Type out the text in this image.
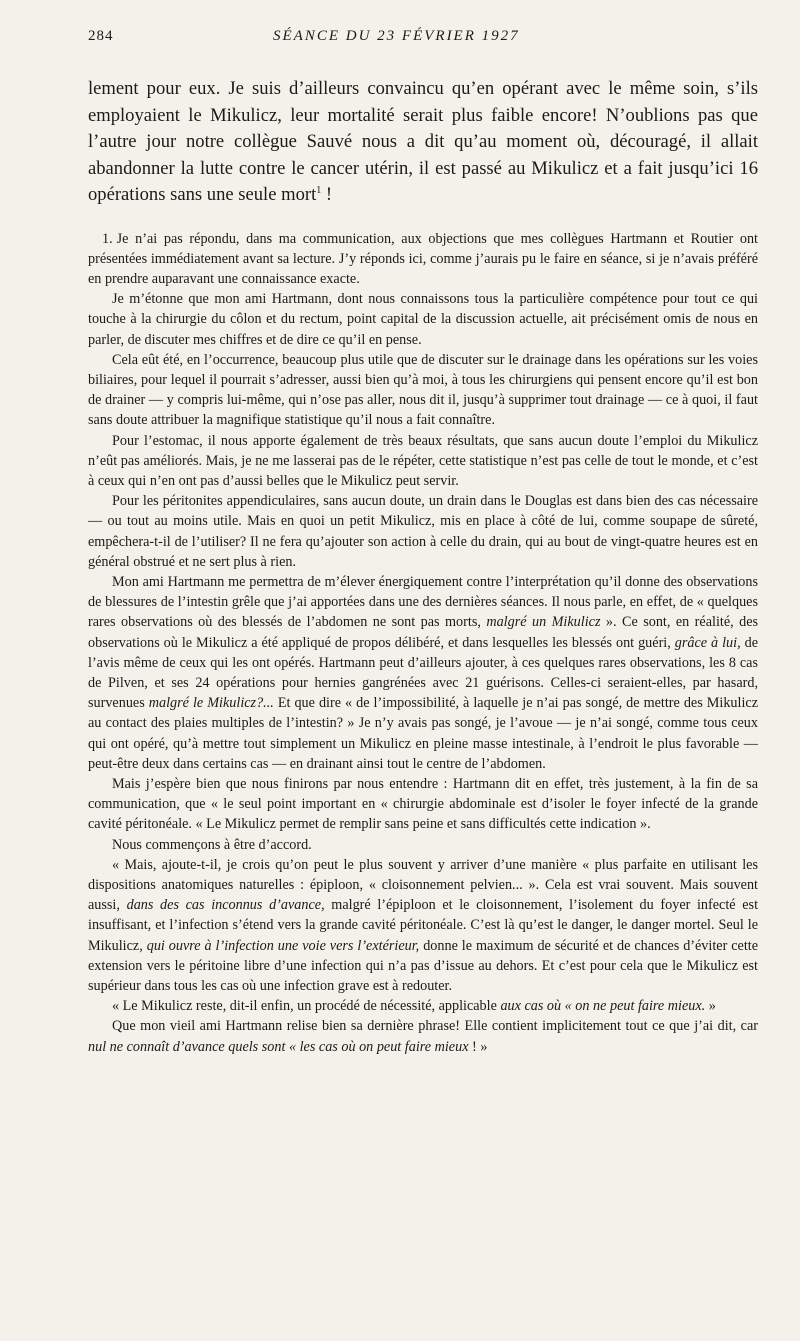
284	SÉANCE DU 23 FÉVRIER 1927

lement pour eux. Je suis d’ailleurs convaincu qu’en opérant avec le même soin, s’ils employaient le Mikulicz, leur mortalité serait plus faible encore! N’oublions pas que l’autre jour notre collègue Sauvé nous a dit qu’au moment où, découragé, il allait abandonner la lutte contre le cancer utérin, il est passé au Mikulicz et a fait jusqu’ici 16 opérations sans une seule mort$^1$ !

1. Je n’ai pas répondu, dans ma communication, aux objections que mes collègues Hartmann et Routier ont présentées immédiatement avant sa lecture. J’y réponds ici, comme j’aurais pu le faire en séance, si je n’avais préféré en prendre auparavant une connaissance exacte.

Je m’étonne que mon ami Hartmann, dont nous connaissons tous la particulière compétence pour tout ce qui touche à la chirurgie du côlon et du rectum, point capital de la discussion actuelle, ait précisément omis de nous en parler, de discuter mes chiffres et de dire ce qu’il en pense.

Cela eût été, en l’occurrence, beaucoup plus utile que de discuter sur le drainage dans les opérations sur les voies biliaires, pour lequel il pourrait s’adresser, aussi bien qu’à moi, à tous les chirurgiens qui pensent encore qu’il est bon de drainer — y compris lui-même, qui n’ose pas aller, nous dit il, jusqu’à supprimer tout drainage — ce à quoi, il faut sans doute attribuer la magnifique statistique qu’il nous a fait connaître.

Pour l’estomac, il nous apporte également de très beaux résultats, que sans aucun doute l’emploi du Mikulicz n’eût pas améliorés. Mais, je ne me lasserai pas de le répéter, cette statistique n’est pas celle de tout le monde, et c’est à ceux qui n’en ont pas d’aussi belles que le Mikulicz peut servir.

Pour les péritonites appendiculaires, sans aucun doute, un drain dans le Douglas est dans bien des cas nécessaire — ou tout au moins utile. Mais en quoi un petit Mikulicz, mis en place à côté de lui, comme soupape de sûreté, empêchera-t-il de l’utiliser? Il ne fera qu’ajouter son action à celle du drain, qui au bout de vingt-quatre heures est en général obstrué et ne sert plus à rien.

Mon ami Hartmann me permettra de m’élever énergiquement contre l’interprétation qu’il donne des observations de blessures de l’intestin grêle que j’ai apportées dans une des dernières séances. Il nous parle, en effet, de « quelques rares observations où des blessés de l’abdomen ne sont pas morts, malgré un Mikulicz ». Ce sont, en réalité, des observations où le Mikulicz a été appliqué de propos délibéré, et dans lesquelles les blessés ont guéri, grâce à lui, de l’avis même de ceux qui les ont opérés. Hartmann peut d’ailleurs ajouter, à ces quelques rares observations, les 8 cas de Pilven, et ses 24 opérations pour hernies gangrénées avec 21 guérisons. Celles-ci seraient-elles, par hasard, survenues malgré le Mikulicz?... Et que dire « de l’impossibilité, à laquelle je n’ai pas songé, de mettre des Mikulicz au contact des plaies multiples de l’intestin? » Je n’y avais pas songé, je l’avoue — je n’ai songé, comme tous ceux qui ont opéré, qu’à mettre tout simplement un Mikulicz en pleine masse intestinale, à l’endroit le plus favorable — peut-être deux dans certains cas — en drainant ainsi tout le centre de l’abdomen.

Mais j’espère bien que nous finirons par nous entendre : Hartmann dit en effet, très justement, à la fin de sa communication, que « le seul point important en « chirurgie abdominale est d’isoler le foyer infecté de la grande cavité péritonéale. « Le Mikulicz permet de remplir sans peine et sans difficultés cette indication ».

Nous commençons à être d’accord.

« Mais, ajoute-t-il, je crois qu’on peut le plus souvent y arriver d’une manière « plus parfaite en utilisant les dispositions anatomiques naturelles : épiploon, « cloisonnement pelvien... ». Cela est vrai souvent. Mais souvent aussi, dans des cas inconnus d’avance, malgré l’épiploon et le cloisonnement, l’isolement du foyer infecté est insuffisant, et l’infection s’étend vers la grande cavité péritonéale. C’est là qu’est le danger, le danger mortel. Seul le Mikulicz, qui ouvre à l’infection une voie vers l’extérieur, donne le maximum de sécurité et de chances d’éviter cette extension vers le péritoine libre d’une infection qui n’a pas d’issue au dehors. Et c’est pour cela que le Mikulicz est supérieur dans tous les cas où une infection grave est à redouter.

« Le Mikulicz reste, dit-il enfin, un procédé de nécessité, applicable aux cas où « on ne peut faire mieux. »

Que mon vieil ami Hartmann relise bien sa dernière phrase! Elle contient implicitement tout ce que j’ai dit, car nul ne connaît d’avance quels sont « les cas où on peut faire mieux ! »
